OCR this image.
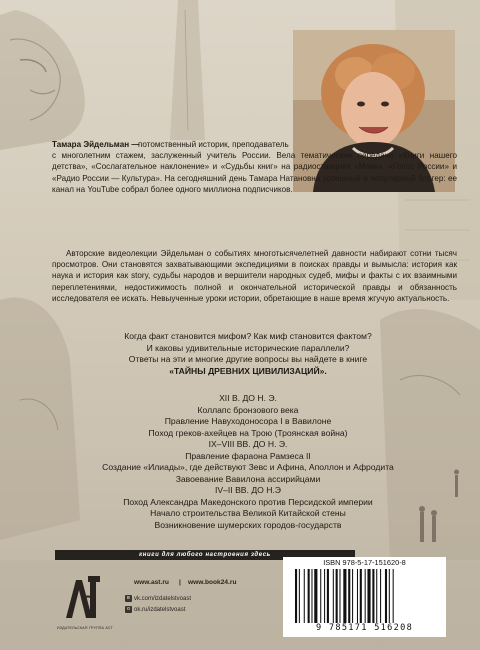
Тамара Эйдельман —
потомственный историк, преподаватель
с многолетним стажем, заслуженный учитель России. Вела тематические передачи «Книги нашего детства», «Сослагательное наклонение» и «Судьбы книг» на радиостанциях «Маяк», «Голос России» и «Радио России — Культура». На сегодняшний день Тамара Натановна успешный и популярный блогер: ее канал на YouTube собрал более одного миллиона подписчиков.
Авторские видеолекции Эйдельман о событиях многотысячелетней давности набирают сотни тысяч просмотров. Они становятся захватывающими экспедициями в поисках правды и вымысла: история как наука и история как story, судьбы народов и вершители народных судеб, мифы и факты с их взаимными переплетениями, недостижимость полной и окончательной исторической правды и обязанность исследователя ее искать. Невыученные уроки истории, обретающие в наше время жгучую актуальность.
Когда факт становится мифом? Как миф становится фактом?
И каковы удивительные исторические параллели?
Ответы на эти и многие другие вопросы вы найдете в книге
«ТАЙНЫ ДРЕВНИХ ЦИВИЛИЗАЦИЙ».
XII В. ДО Н. Э.
Коллапс бронзового века
Правление Навуходоносора I в Вавилоне
Поход греков-ахейцев на Трою (Троянская война)
IX–VIII ВВ. ДО Н. Э.
Правление фараона Рамзеса II
Создание «Илиады», где действуют Зевс и Афина, Аполлон и Афродита
Завоевание Вавилона ассирийцами
IV–II ВВ. ДО Н.Э
Поход Александра Македонского против Персидской империи
Начало строительства Великой Китайской стены
Возникновение шумерских городов-государств
книги для любого настроения здесь
ИЗДАТЕЛЬСКАЯ ГРУППА АСТ
www.ast.ru | www.book24.ru
в vk.com/izdatelstvoast
о ok.ru/izdatelstvoast
ISBN 978-5-17-151620-8
9 785171 516208
